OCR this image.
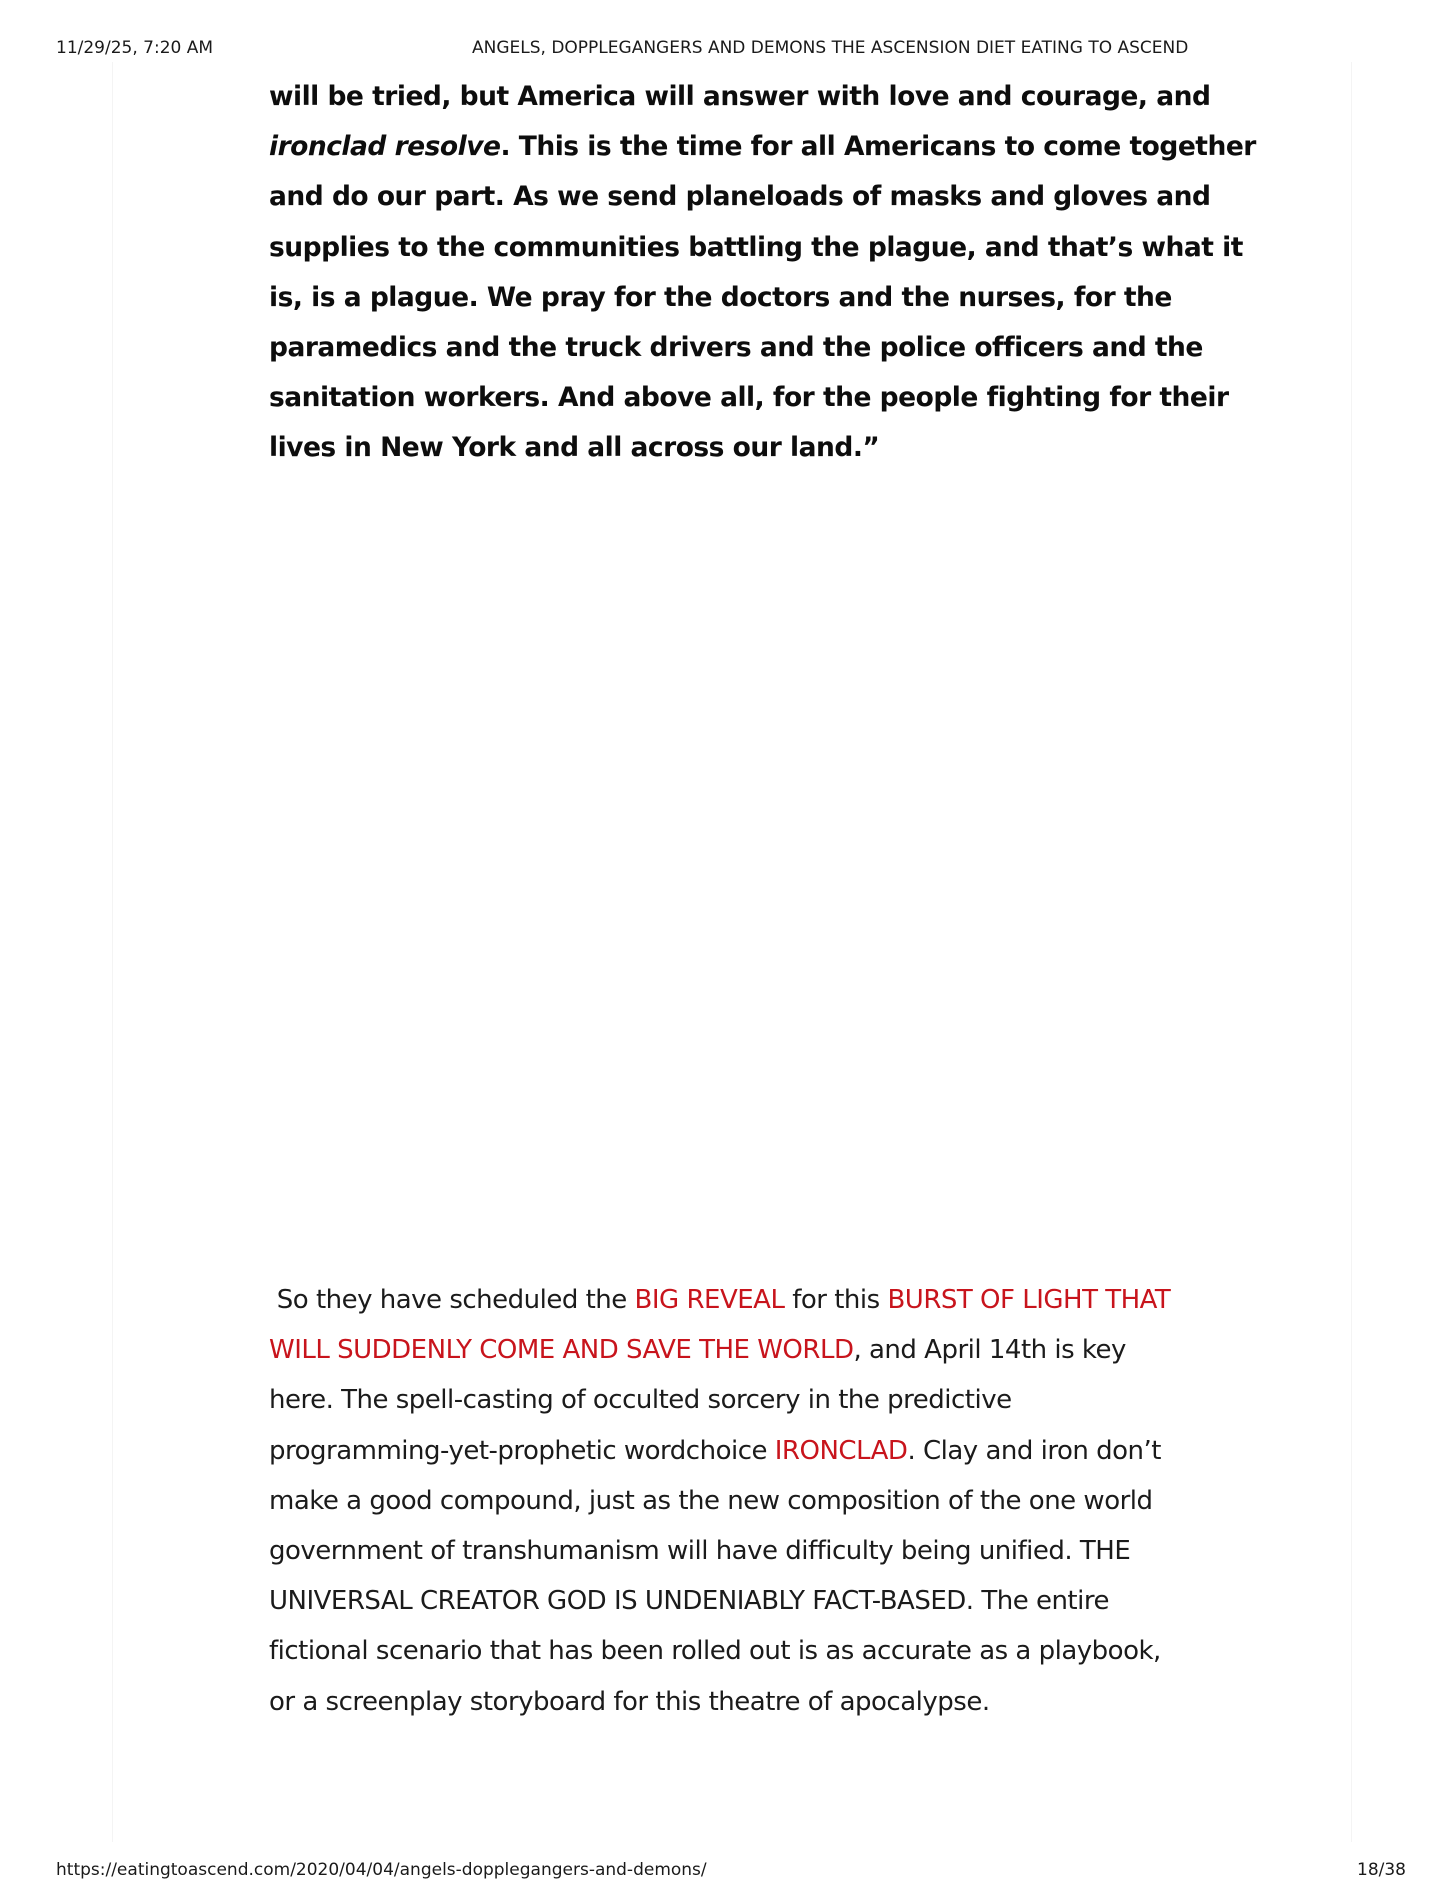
11/29/25, 7:20 AM	ANGELS, DOPPLEGANGERS AND DEMONS THE ASCENSION DIET EATING TO ASCEND

will be tried, but America will answer with love and courage, and
ironclad resolve. This is the time for all Americans to come together
and do our part. As we send planeloads of masks and gloves and
supplies to the communities battling the plague, and that’s what it
is, is a plague. We pray for the doctors and the nurses, for the
paramedics and the truck drivers and the police officers and the
sanitation workers. And above all, for the people fighting for their
lives in New York and all across our land.”

So they have scheduled the BIG REVEAL for this BURST OF LIGHT THAT
WILL SUDDENLY COME AND SAVE THE WORLD, and April 14th is key
here. The spell-casting of occulted sorcery in the predictive
programming-yet-prophetic wordchoice IRONCLAD. Clay and iron don’t
make a good compound, just as the new composition of the one world
government of transhumanism will have difficulty being unified. THE
UNIVERSAL CREATOR GOD IS UNDENIABLY FACT-BASED. The entire
fictional scenario that has been rolled out is as accurate as a playbook,
or a screenplay storyboard for this theatre of apocalypse.

https://eatingtoascend.com/2020/04/04/angels-dopplegangers-and-demons/	18/38
